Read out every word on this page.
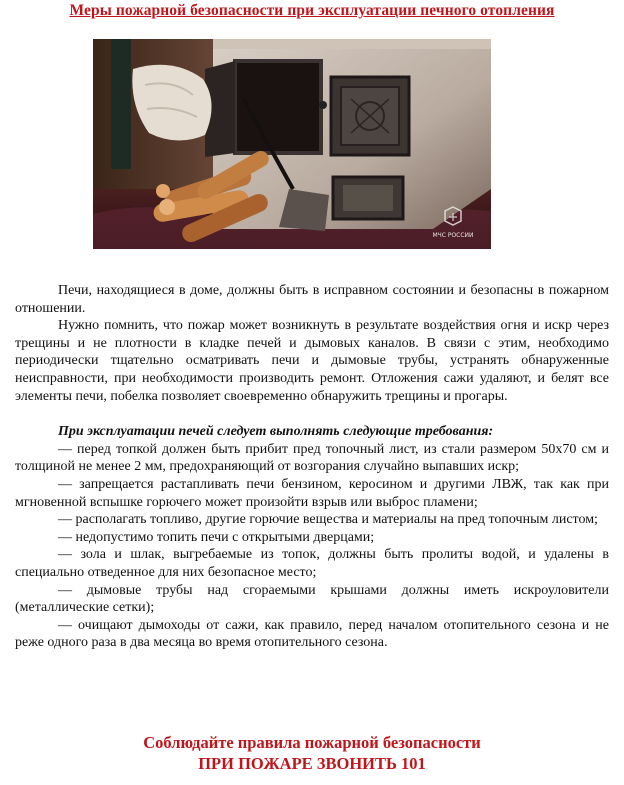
Меры пожарной безопасности при эксплуатации печного отопления
МЧС РОССИИ

Печи, находящиеся в доме, должны быть в исправном состоянии и безопасны в пожарном отношении.

Нужно помнить, что пожар может возникнуть в результате воздействия огня и искр через трещины и не плотности в кладке печей и дымовых каналов. В связи с этим, необходимо периодически тщательно осматривать печи и дымовые трубы, устранять обнаруженные неисправности, при необходимости производить ремонт. Отложения сажи удаляют, и белят все элементы печи, побелка позволяет своевременно обнаружить трещины и прогары.

При эксплуатации печей следует выполнять следующие требования:

— перед топкой должен быть прибит пред топочный лист, из стали размером 50х70 см и толщиной не менее 2 мм, предохраняющий от возгорания случайно выпавших искр;

— запрещается растапливать печи бензином, керосином и другими ЛВЖ, так как при мгновенной вспышке горючего может произойти взрыв или выброс пламени;

— располагать топливо, другие горючие вещества и материалы на пред топочным листом;

— недопустимо топить печи с открытыми дверцами;

— зола и шлак, выгребаемые из топок, должны быть пролиты водой, и удалены в специально отведенное для них безопасное место;

— дымовые трубы над сгораемыми крышами должны иметь искроуловители (металлические сетки);

— очищают дымоходы от сажи, как правило, перед началом отопительного сезона и не реже одного раза в два месяца во время отопительного сезона.

Соблюдайте правила пожарной безопасности
ПРИ ПОЖАРЕ ЗВОНИТЬ 101
